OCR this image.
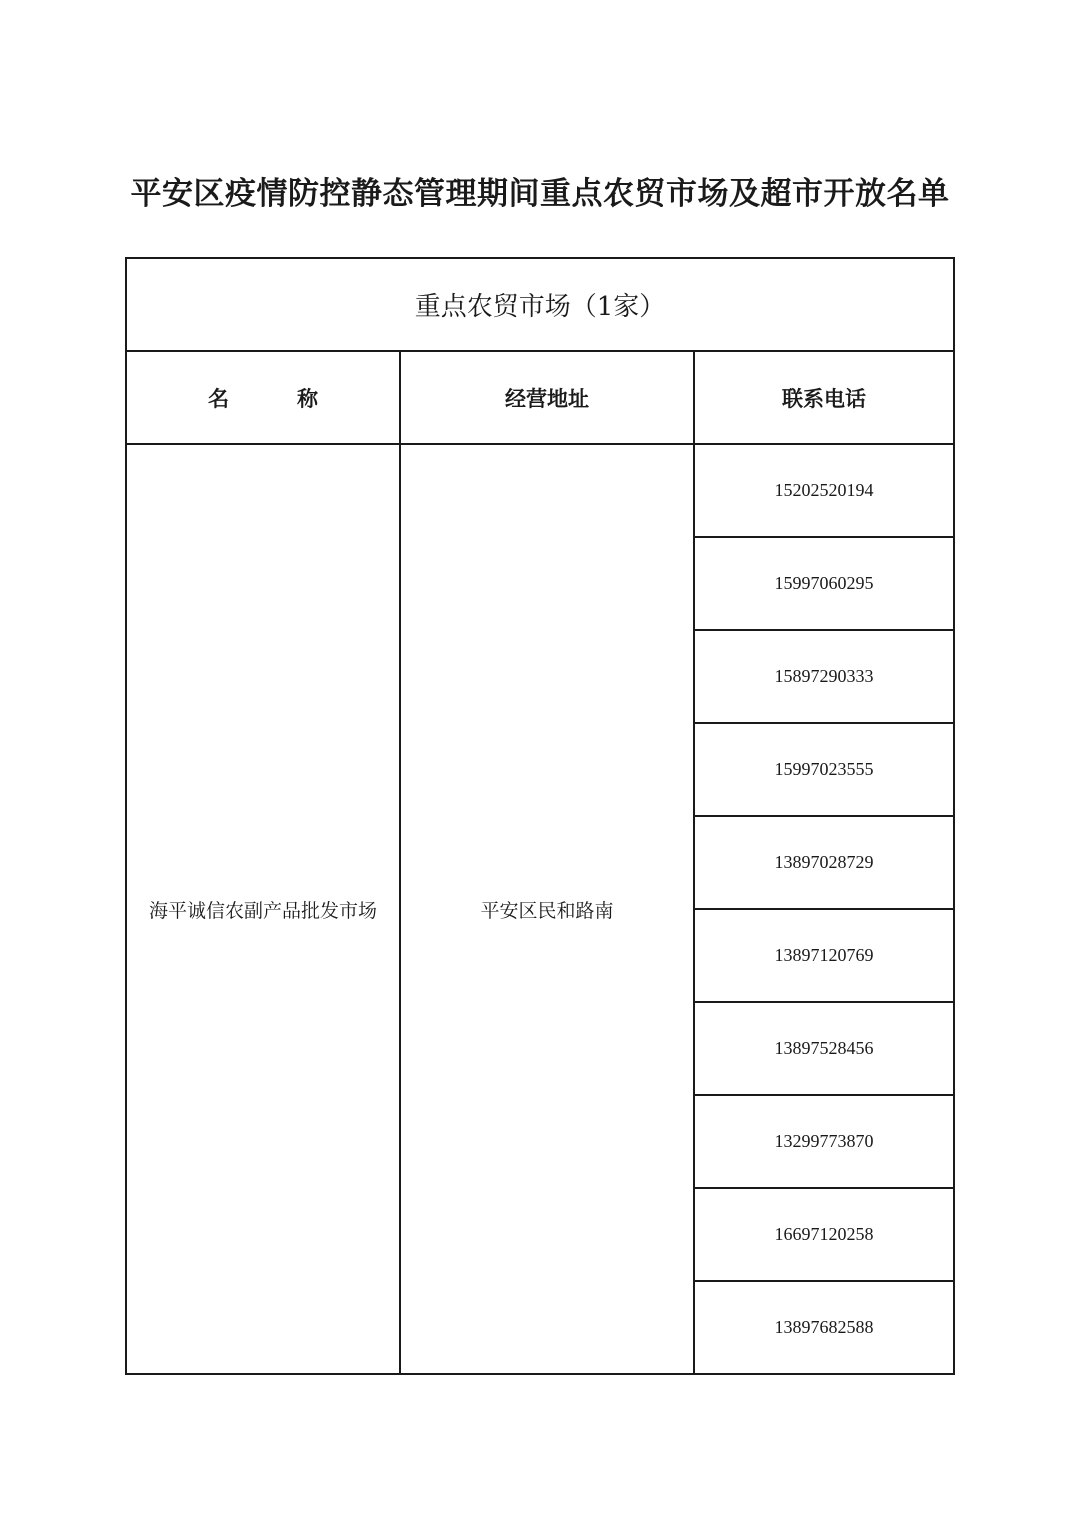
平安区疫情防控静态管理期间重点农贸市场及超市开放名单
重点农贸市场（1家）		
名　　称	经营地址	联系电话
海平诚信农副产品批发市场	平安区民和路南	15202520194
		15997060295
		15897290333
		15997023555
		13897028729
		13897120769
		13897528456
		13299773870
		16697120258
		13897682588
